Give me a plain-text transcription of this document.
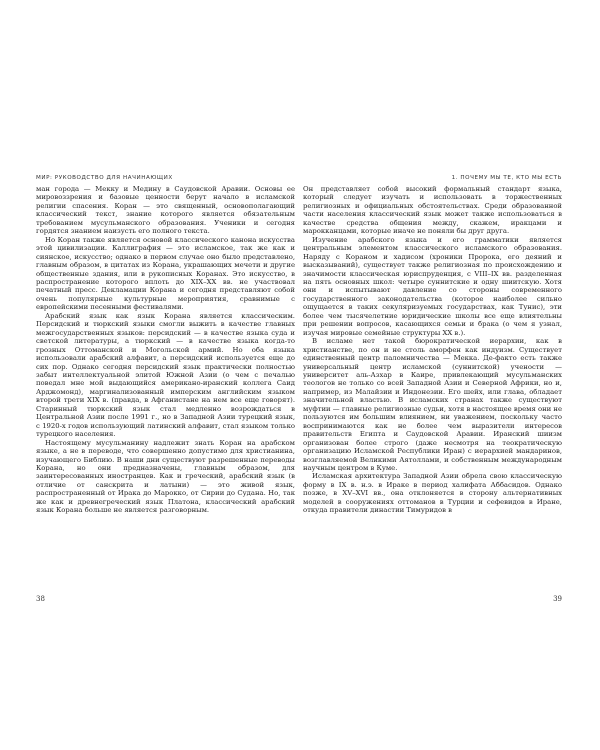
МИР: РУКОВОДСТВО ДЛЯ НАЧИНАЮЩИХ

ман города — Мекку и Медину в Саудовской Аравии. Основы ее мировоззрения и базовые ценности берут начало в исламской религии спасения. Коран — это священный, основополагающий классический текст, знание которого является обязательным требованием мусульманского образования. Ученики и сегодня гордятся знанием наизусть его полного текста.

Но Коран также является основой классического канона искусства этой цивилизации. Каллиграфия — это исламское, так же как и сиянское, искусство; однако в первом случае оно было представлено, главным образом, в цитатах из Корана, украшающих мечети и другие общественные здания, или в рукописных Коранах. Это искусство, в распространение которого вплоть до XIX–XX вв. не участвовал печатный пресс. Декламации Корана и сегодня представляют собой очень популярные культурные мероприятия, сравнимые с европейскими песенными фестивалями.

Арабский язык как язык Корана является классическим. Персидский и тюркский языки смогли выжить в качестве главных межгосударственных языков: персидский — в качестве языка суда и светской литературы, а тюркский — в качестве языка когда-то грозных Оттоманской и Могольской армий. Но оба языка использовали арабский алфавит, а персидский используется еще до сих пор. Однако сегодня персидский язык практически полностью забыт интеллектуальной элитой Южной Азии (о чем с печалью поведал мне мой выдающийся американо-иранский коллега Саид Арджомонд), маргинализованный имперским английским языком второй трети XIX в. (правда, в Афганистане на нем все еще говорят). Старинный тюркский язык стал медленно возрождаться в Центральной Азии после 1991 г., но в Западной Азии турецкий язык, с 1920-х годов использующий латинский алфавит, стал языком только турецкого населения.

Настоящему мусульманину надлежит знать Коран на арабском языке, а не в переводе, что совершенно допустимо для христианина, изучающего Библию. В наши дни существуют разрешенные переводы Корана, но они предназначены, главным образом, для заинтересованных иностранцев. Как и греческий, арабский язык (в отличие от санскрита и латыни) — это живой язык, распространенный от Ирака до Марокко, от Сирии до Судана. Но, так же как и древнегреческий язык Платона, классический арабский язык Корана больше не является разговорным.

38
1. ПОЧЕМУ МЫ ТЕ, КТО МЫ ЕСТЬ

Он представляет собой высокий формальный стандарт языка, который следует изучать и использовать в торжественных религиозных и официальных обстоятельствах. Среди образованной части населения классический язык может также использоваться в качестве средства общения между, скажем, иракцами и марокканцами, которые иначе не поняли бы друг друга.

Изучение арабского языка и его грамматики является центральным элементом классического исламского образования. Наряду с Кораном и хадисом (хроники Пророка, его деяний и высказываний), существует также религиозная по происхождению и значимости классическая юриспруденция, с VIII–IX вв. разделенная на пять основных школ: четыре суннитские и одну шиитскую. Хотя они и испытывают давление со стороны современного государственного законодательства (которое наиболее сильно ощущается в таких секуляризуемых государствах, как Тунис), эти более чем тысячелетние юридические школы все еще влиятельны при решении вопросов, касающихся семьи и брака (о чем я узнал, изучая мировые семейные структуры XX в.).

В исламе нет такой бюрократической иерархии, как в христианстве, по он и не столь аморфен как индуизм. Существует единственный центр паломничества — Мекка. Де-факто есть также универсальный центр исламской (суннитской) учености — университет аль-Азхар в Каире, привлекающий мусульманских теологов не только со всей Западной Азии и Северной Африки, но и, например, из Малайзии и Индонезии. Его шейх, или глава, обладает значительной властью. В исламских странах также существуют муфтии — главные религиозные судьи, хотя в настоящее время они не пользуются им большим влиянием, ни уважением, поскольку часто воспринимаются как не более чем выразители интересов правительств Египта и Саудовской Аравии. Иранский шиизм организован более строго (даже несмотря на теократическую организацию Исламской Республики Иран) с иерархией мандаринов, возглавляемой Великими Аятоллами, и собственным международным научным центром в Куме.

Исламская архитектура Западной Азии обрела свою классическую форму в IX в. н.э. в Ираке в период халифата Аббасидов. Однако позже, в XV–XVI вв., она отклоняется в сторону альтернативных моделей в сооружениях оттоманов в Турции и сефевидов в Иране, откуда правители династии Тимуридов в

39
